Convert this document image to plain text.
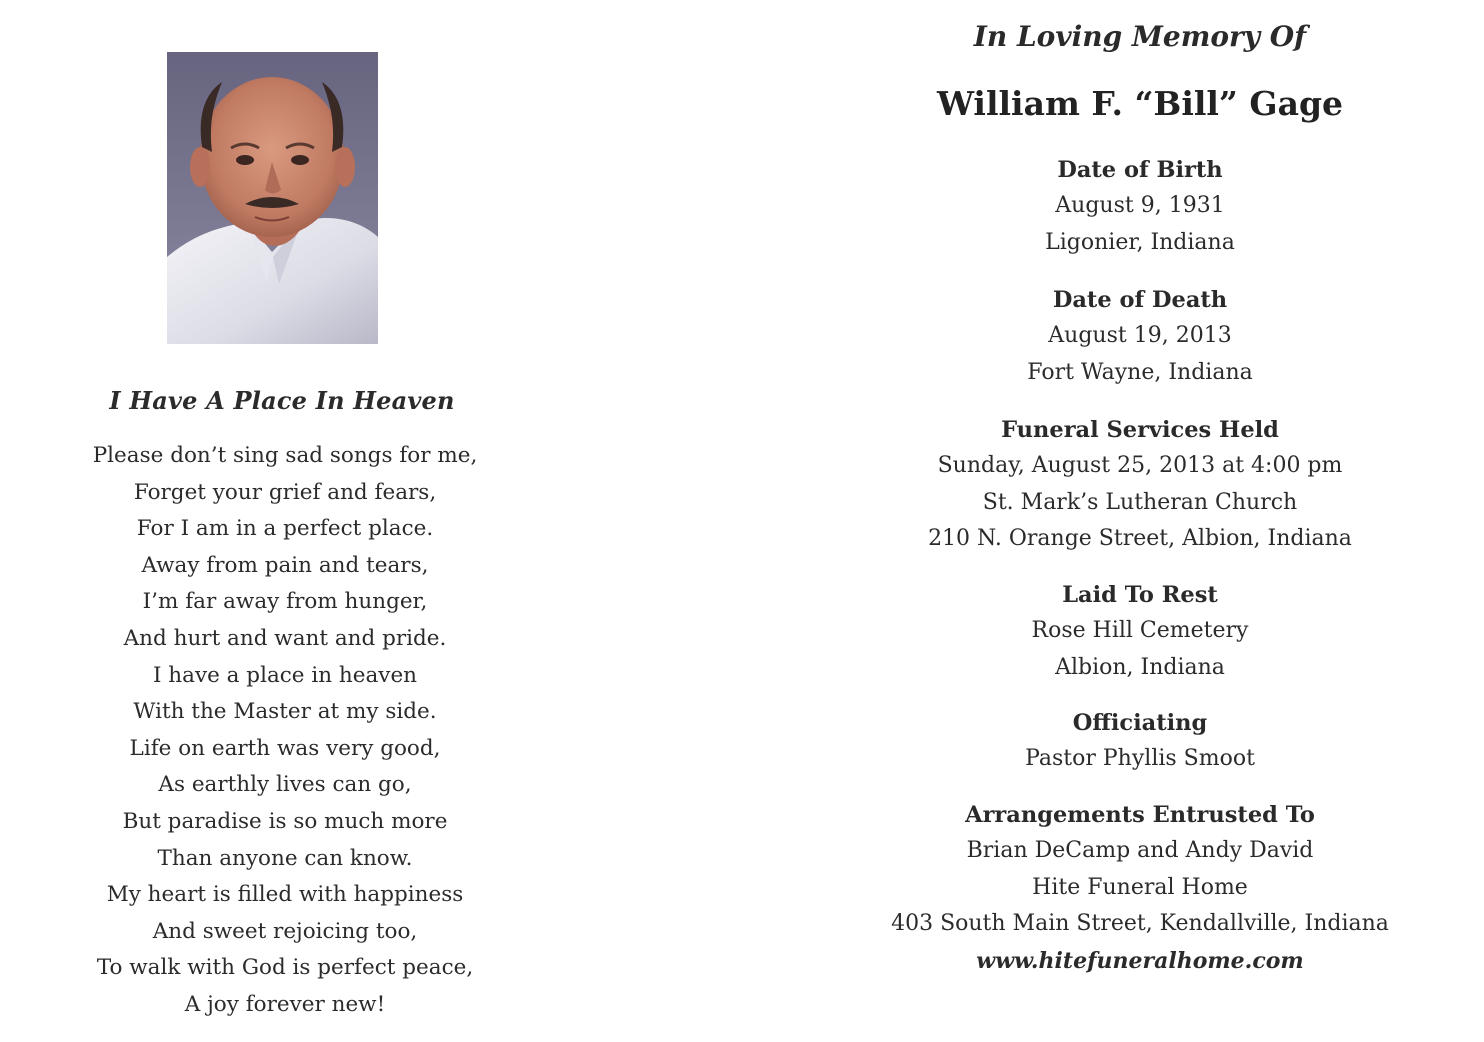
I Have A Place In Heaven
Please don’t sing sad songs for me,
Forget your grief and fears,
For I am in a perfect place.
Away from pain and tears,
I’m far away from hunger,
And hurt and want and pride.
I have a place in heaven
With the Master at my side.
Life on earth was very good,
As earthly lives can go,
But paradise is so much more
Than anyone can know.
My heart is filled with happiness
And sweet rejoicing too,
To walk with God is perfect peace,
A joy forever new!
In Loving Memory Of
William F. “Bill” Gage
Date of Birth
August 9, 1931
Ligonier, Indiana
Date of Death
August 19, 2013
Fort Wayne, Indiana
Funeral Services Held
Sunday, August 25, 2013 at 4:00 pm
St. Mark’s Lutheran Church
210 N. Orange Street, Albion, Indiana
Laid To Rest
Rose Hill Cemetery
Albion, Indiana
Officiating
Pastor Phyllis Smoot
Arrangements Entrusted To
Brian DeCamp and Andy David
Hite Funeral Home
403 South Main Street, Kendallville, Indiana
www.hitefuneralhome.com
